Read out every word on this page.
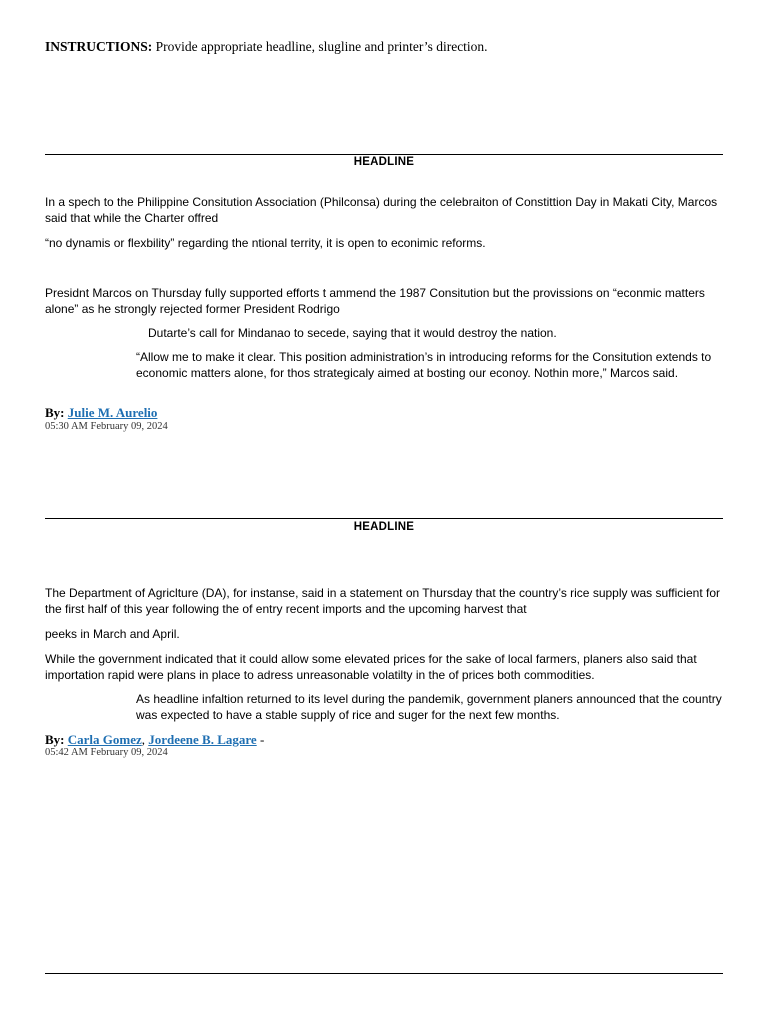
INSTRUCTIONS: Provide appropriate headline, slugline and printer’s direction.
HEADLINE
In a spech to the Philippine Consitution Association (Philconsa) during the celebraiton of Constittion Day in Makati City, Marcos said that while the Charter offred
“no dynamis or flexbility” regarding the ntional territy, it is open to econimic reforms.
Presidnt Marcos on Thursday fully supported efforts t ammend the 1987 Consitution but the provissions on “econmic matters alone” as he strongly rejected former President Rodrigo
Dutarte’s call for Mindanao to secede, saying that it would destroy the nation.
“Allow me to make it clear. This position administration’s in introducing reforms for the Consitution extends to economic matters alone, for thos strategicaly aimed at bosting our econoy. Nothin more,” Marcos said.
By: Julie M. Aurelio
05:30 AM February 09, 2024
HEADLINE
The Department of Agriclture (DA), for instanse, said in a statement on Thursday that the country’s rice supply was sufficient for the first half of this year following the of entry recent imports and the upcoming harvest that
peeks in March and April.
While the government indicated that it could allow some elevated prices for the sake of local farmers, planers also said that importation rapid were plans in place to adress unreasonable volatilty in the of prices both commodities.
As headline infaltion returned to its level during the pandemik, government planers announced that the country was expected to have a stable supply of rice and suger for the next few months.
By: Carla Gomez, Jordeene B. Lagare -
05:42 AM February 09, 2024
